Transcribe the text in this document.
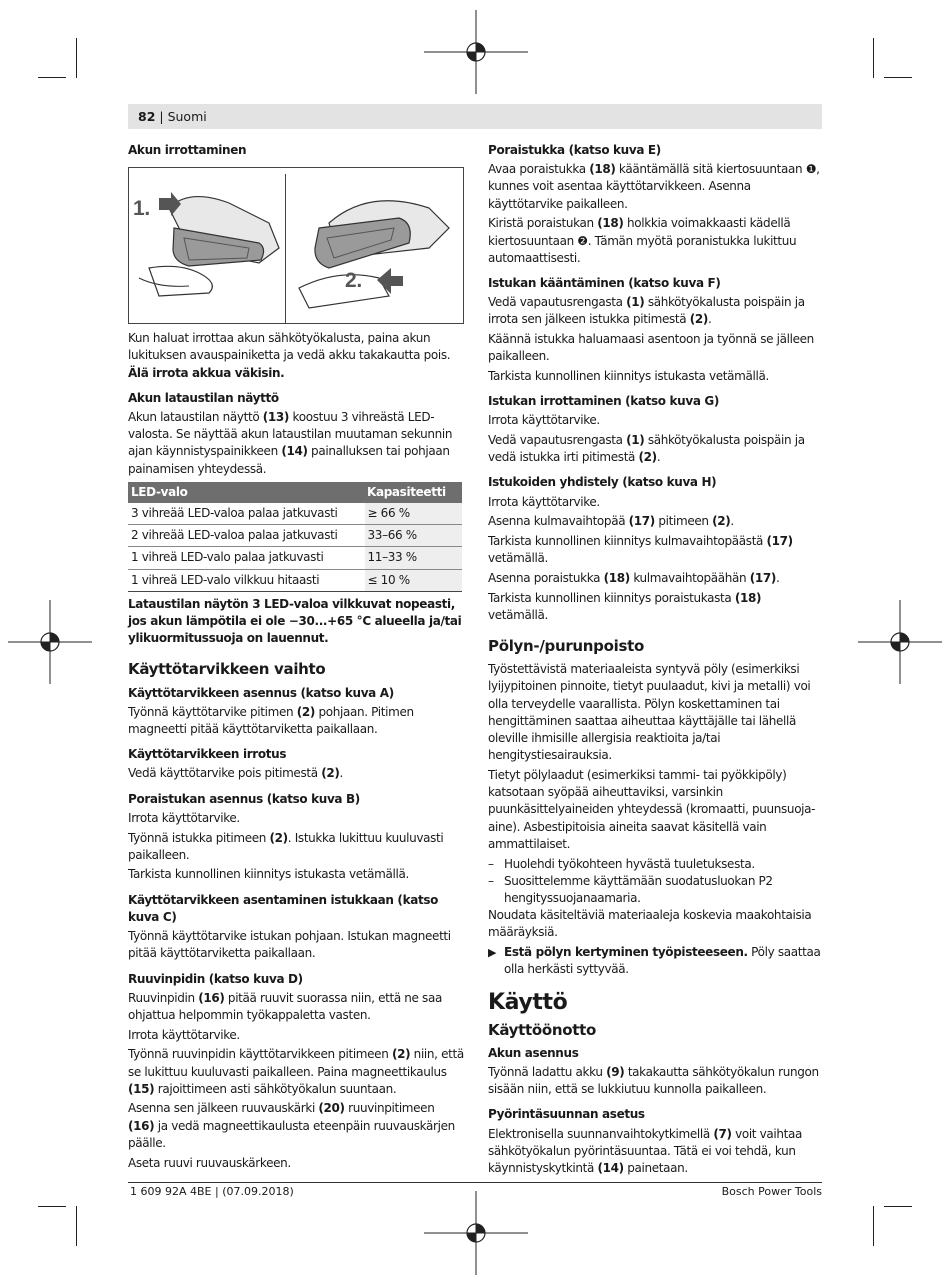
82 | Suomi
Akun irrottaminen
1.
2.

Kun haluat irrottaa akun sähkötyökalusta, paina akun lukituksen avauspainiketta ja vedä akku takakautta pois. Älä irrota akkua väkisin.

Akun lataustilan näyttö

Akun lataustilan näyttö (13) koostuu 3 vihreästä LED-valosta. Se näyttää akun lataustilan muutaman sekunnin ajan käynnistyspainikkeen (14) painalluksen tai pohjaan painamisen yhteydessä.

LED-valo	Kapasiteetti
3 vihreää LED-valoa palaa jatkuvasti	≥ 66 %
2 vihreää LED-valoa palaa jatkuvasti	33–66 %
1 vihreä LED-valo palaa jatkuvasti	11–33 %
1 vihreä LED-valo vilkkuu hitaasti	≤ 10 %

Lataustilan näytön 3 LED-valoa vilkkuvat nopeasti, jos akun lämpötila ei ole −30...+65 °C alueella ja/tai ylikuormitussuoja on lauennut.

Käyttötarvikkeen vaihto
Käyttötarvikkeen asennus (katso kuva A)

Työnnä käyttötarvike pitimen (2) pohjaan. Pitimen magneetti pitää käyttötarviketta paikallaan.

Käyttötarvikkeen irrotus

Vedä käyttötarvike pois pitimestä (2).

Poraistukan asennus (katso kuva B)

Irrota käyttötarvike.

Työnnä istukka pitimeen (2). Istukka lukittuu kuuluvasti paikalleen.

Tarkista kunnollinen kiinnitys istukasta vetämällä.

Käyttötarvikkeen asentaminen istukkaan (katso kuva C)

Työnnä käyttötarvike istukan pohjaan. Istukan magneetti pitää käyttötarviketta paikallaan.

Ruuvinpidin (katso kuva D)

Ruuvinpidin (16) pitää ruuvit suorassa niin, että ne saa ohjattua helpommin työkappaletta vasten.

Irrota käyttötarvike.

Työnnä ruuvinpidin käyttötarvikkeen pitimeen (2) niin, että se lukittuu kuuluvasti paikalleen. Paina magneettikaulus (15) rajoittimeen asti sähkötyökalun suuntaan.

Asenna sen jälkeen ruuvauskärki (20) ruuvinpitimeen (16) ja vedä magneettikaulusta eteenpäin ruuvauskärjen päälle.

Aseta ruuvi ruuvauskärkeen.

Poraistukka (katso kuva E)

Avaa poraistukka (18) kääntämällä sitä kiertosuuntaan ❶, kunnes voit asentaa käyttötarvikkeen. Asenna käyttötarvike paikalleen.

Kiristä poraistukan (18) holkkia voimakkaasti kädellä kiertosuuntaan ❷. Tämän myötä poranistukka lukittuu automaattisesti.

Istukan kääntäminen (katso kuva F)

Vedä vapautusrengasta (1) sähkötyökalusta poispäin ja irrota sen jälkeen istukka pitimestä (2).

Käännä istukka haluamaasi asentoon ja työnnä se jälleen paikalleen.

Tarkista kunnollinen kiinnitys istukasta vetämällä.

Istukan irrottaminen (katso kuva G)

Irrota käyttötarvike.

Vedä vapautusrengasta (1) sähkötyökalusta poispäin ja vedä istukka irti pitimestä (2).

Istukoiden yhdistely (katso kuva H)

Irrota käyttötarvike.

Asenna kulmavaihtopää (17) pitimeen (2).

Tarkista kunnollinen kiinnitys kulmavaihtopäästä (17) vetämällä.

Asenna poraistukka (18) kulmavaihtopäähän (17).

Tarkista kunnollinen kiinnitys poraistukasta (18) vetämällä.

Pölyn-/purunpoisto

Työstettävistä materiaaleista syntyvä pöly (esimerkiksi lyijypitoinen pinnoite, tietyt puulaadut, kivi ja metalli) voi olla terveydelle vaarallista. Pölyn koskettaminen tai hengittäminen saattaa aiheuttaa käyttäjälle tai lähellä oleville ihmisille allergisia reaktioita ja/tai hengitystiesairauksia.

Tietyt pölylaadut (esimerkiksi tammi- tai pyökkipöly) katsotaan syöpää aiheuttaviksi, varsinkin puunkäsittelyaineiden yhteydessä (kromaatti, puunsuoja-aine). Asbestipitoisia aineita saavat käsitellä vain ammattilaiset.

– Huolehdi työkohteen hyvästä tuuletuksesta.
– Suosittelemme käyttämään suodatusluokan P2 hengityssuojanaamaria.

Noudata käsiteltäviä materiaaleja koskevia maakohtaisia määräyksiä.

▶ Estä pölyn kertyminen työpisteeseen. Pöly saattaa olla herkästi syttyvää.
Käyttö
Käyttöönotto
Akun asennus

Työnnä ladattu akku (9) takakautta sähkötyökalun rungon sisään niin, että se lukkiutuu kunnolla paikalleen.

Pyörintäsuunnan asetus

Elektronisella suunnanvaihtokytkimellä (7) voit vaihtaa sähkötyökalun pyörintäsuuntaa. Tätä ei voi tehdä, kun käynnistyskytkintä (14) painetaan.

1 609 92A 4BE | (07.09.2018)	Bosch Power Tools
